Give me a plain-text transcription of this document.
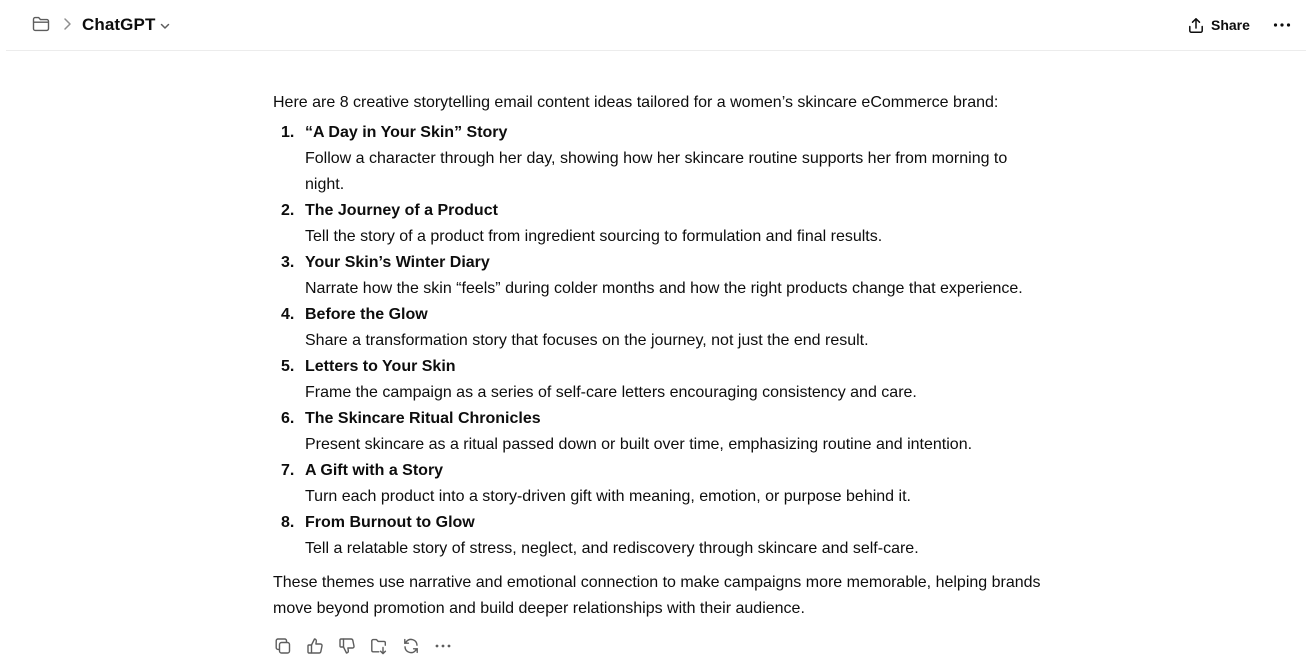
ChatGPT	Share

Here are 8 creative storytelling email content ideas tailored for a women’s skincare eCommerce brand:

1. “A Day in Your Skin” Story
Follow a character through her day, showing how her skincare routine supports her from morning to night.
2. The Journey of a Product
Tell the story of a product from ingredient sourcing to formulation and final results.
3. Your Skin’s Winter Diary
Narrate how the skin “feels” during colder months and how the right products change that experience.
4. Before the Glow
Share a transformation story that focuses on the journey, not just the end result.
5. Letters to Your Skin
Frame the campaign as a series of self-care letters encouraging consistency and care.
6. The Skincare Ritual Chronicles
Present skincare as a ritual passed down or built over time, emphasizing routine and intention.
7. A Gift with a Story
Turn each product into a story-driven gift with meaning, emotion, or purpose behind it.
8. From Burnout to Glow
Tell a relatable story of stress, neglect, and rediscovery through skincare and self-care.

These themes use narrative and emotional connection to make campaigns more memorable, helping brands move beyond promotion and build deeper relationships with their audience.
